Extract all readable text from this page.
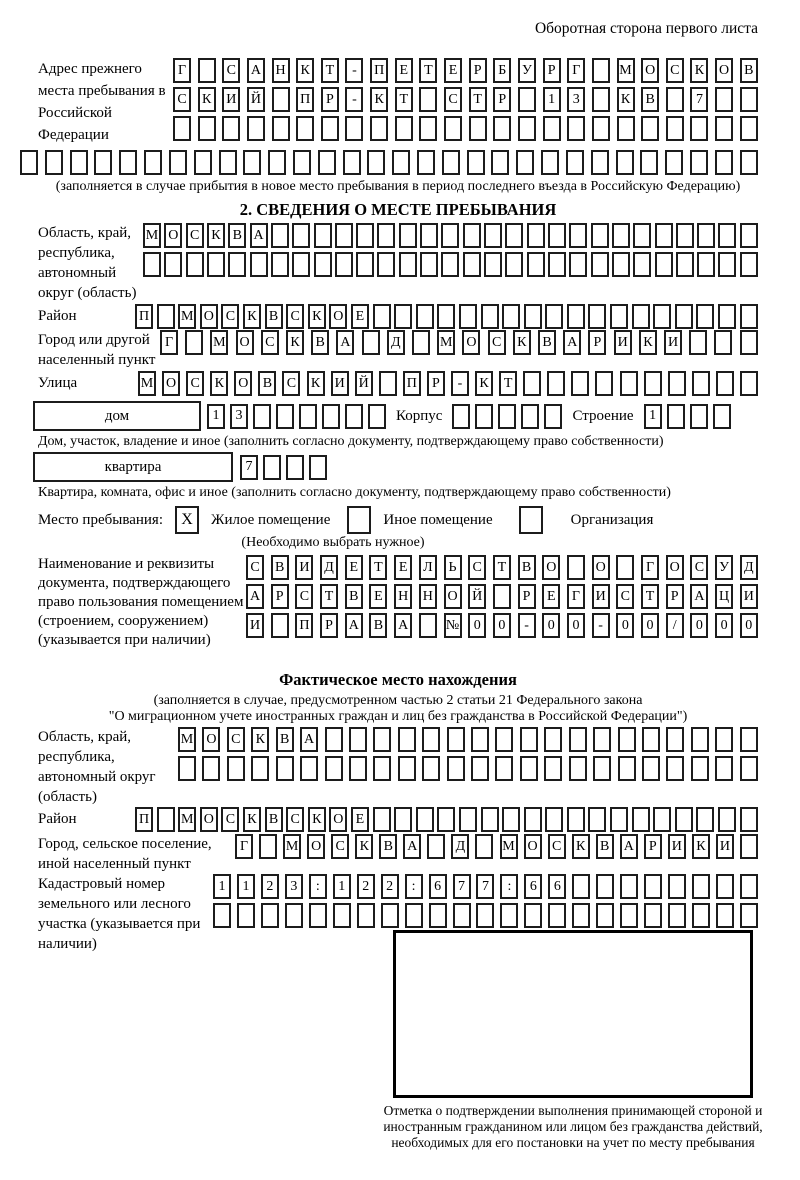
Оборотная сторона первого листа
Адрес прежнего места пребывания в Российской Федерации
Г	С	А Н	К	Т	-	П	Е	Т	Е	Р	Б	У	Р	Г	М О	С	К	О	В
С	К	И Й	П	Р	-	К	Т	С	Т	Р	1	3	К	В	7
(заполняется в случае прибытия в новое место пребывания в период последнего въезда в Российскую Федерацию)
2. СВЕДЕНИЯ О МЕСТЕ ПРЕБЫВАНИЯ
Область, край, республика, автономный округ (область)
М О С К В А
Район	П М О С К В С К О Е
Город или другой населенный пункт
Г	М О	С	К	В	А	Д	М О	С	К	В	А	Р	И	К	И
Улица	М О	С	К	О	В	С	К	И Й	П	Р	-	К	Т
дом	1	3	Корпус	Строение	1
Дом, участок, владение и иное (заполнить согласно документу, подтверждающему право собственности)
квартира	7
Квартира, комната, офис и иное (заполнить согласно документу, подтверждающему право собственности)
Место пребывания:	X	Жилое помещение	Иное помещение	Организация
(Необходимо выбрать нужное)
Наименование и реквизиты документа, подтверждающего право пользования помещением (строением, сооружением) (указывается при наличии)
С	В	И	Д	Е	Т	Е	Л	Ь	С	Т	В	О	О	Г	О	С	У	Д
А	Р	С	Т	В	Е	Н Н О Й	Р	Е	Г	И	С	Т	Р	А Ц И
И	П	Р	А	В	А	№	0	0	-	0	0	-	0	0	/	0	0	0
Фактическое место нахождения
(заполняется в случае, предусмотренном частью 2 статьи 21 Федерального закона
"О миграционном учете иностранных граждан и лиц без гражданства в Российской Федерации")
Область, край, республика, автономный округ (область)
М О	С	К	В	А
Район	П М О С К В С К О Е
Город, сельское поселение, иной населенный пункт
Г	М О	С	К	В	А	Д	М О	С	К	В	А	Р	И	К	И
Кадастровый номер земельного или лесного участка (указывается при наличии)
1	1	2	3	:	1	2	2	:	6	7	7	:	6	6
Отметка о подтверждении выполнения принимающей стороной и иностранным гражданином или лицом без гражданства действий, необходимых для его постановки на учет по месту пребывания
